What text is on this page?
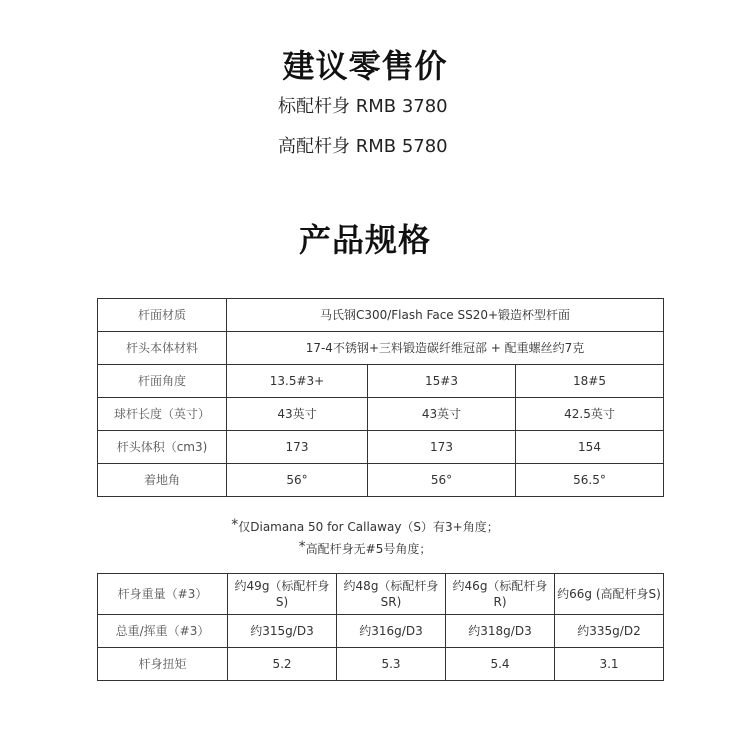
建议零售价
标配杆身 RMB 3780
高配杆身 RMB 5780
产品规格
杆面材质	马氏钢C300/Flash Face SS20+锻造杯型杆面		
杆头本体材料	17-4不锈钢+三料锻造碳纤维冠部 + 配重螺丝约7克		
杆面角度	13.5#3+	15#3	18#5
球杆长度（英寸）	43英寸	43英寸	42.5英寸
杆头体积（cm3)	173	173	154
着地角	56°	56°	56.5°
*仅Diamana 50 for Callaway（S）有3+角度；
*高配杆身无#5号角度；
杆身重量（#3）	约49g（标配杆身S)	约48g（标配杆身SR)	约46g（标配杆身R)	约66g (高配杆身S)
总重/挥重（#3）	约315g/D3	约316g/D3	约318g/D3	约335g/D2
杆身扭矩	5.2	5.3	5.4	3.1
